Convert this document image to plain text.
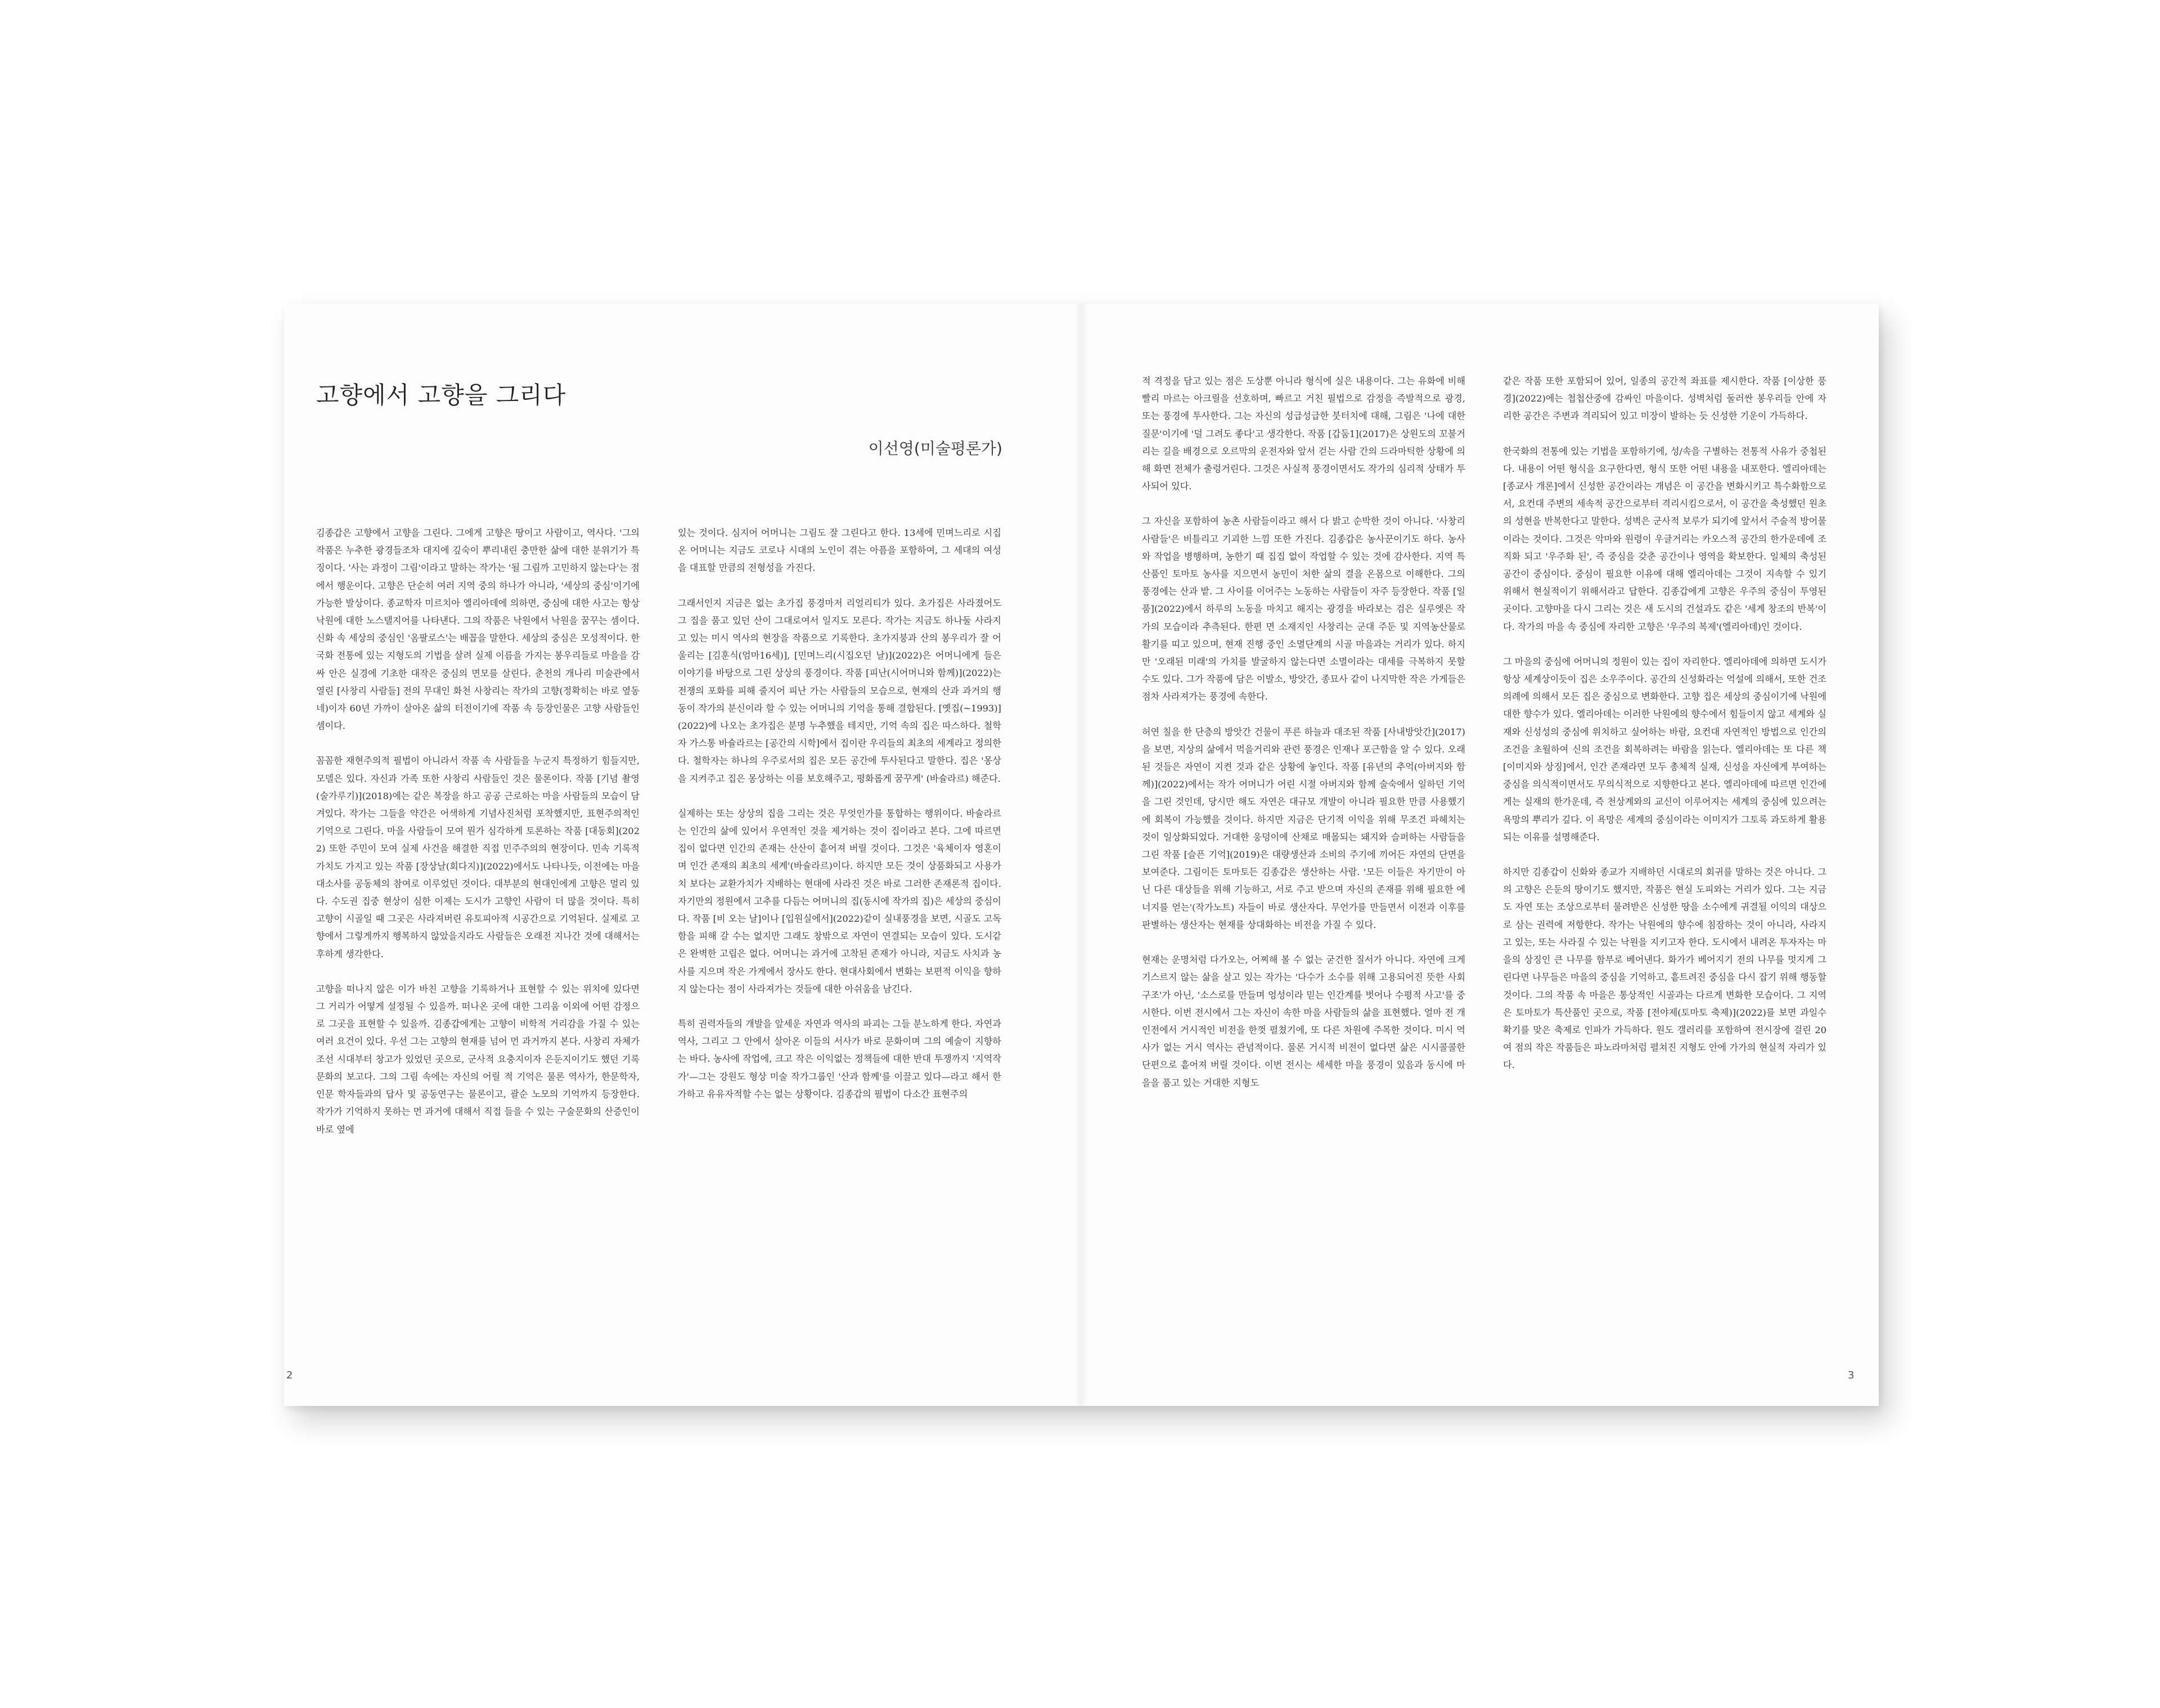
고향에서 고향을 그리다
이선영(미술평론가)

김종갑은 고향에서 고향을 그린다. 그에게 고향은 땅이고 사람이고, 역사다. '그의 작품은 누추한 광경들조차 대지에 깊숙이 뿌리내린 충만한 삶에 대한 분위기가 특징이다. '사는 과정이 그림'이라고 말하는 작가는 '될 그림까 고민하지 않는다'는 점에서 행운이다. 고향은 단순히 여러 지역 중의 하나가 아니라, '세상의 중심'이기에 가능한 발상이다. 종교학자 미르치아 엘리아데에 의하면, 중심에 대한 사고는 항상 낙원에 대한 노스탤지어를 나타낸다. 그의 작품은 낙원에서 낙원을 꿈꾸는 셈이다. 신화 속 세상의 중심인 '옴팔로스'는 배꼽을 말한다. 세상의 중심은 모성적이다. 한국화 전통에 있는 지형도의 기법을 살려 실제 이름을 가지는 봉우리들로 마을을 감싸 안은 실경에 기초한 대작은 중심의 면모를 살린다. 춘천의 개나리 미술관에서 열린 [사창리 사람들] 전의 무대인 화천 사창리는 작가의 고향(정확히는 바로 옆동네)이자 60년 가까이 살아온 삶의 터전이기에 작품 속 등장인물은 고향 사람들인 셈이다.

꼼꼼한 재현주의적 필법이 아니라서 작품 속 사람들을 누군지 특정하기 힘들지만, 모델은 있다. 자신과 가족 또한 사창리 사람들인 것은 물론이다. 작품 [기념 촬영(술가루기)](2018)에는 같은 복장을 하고 공공 근로하는 마을 사람들의 모습이 담겨있다. 작가는 그들을 약간은 어색하게 기념사진처럼 포착했지만, 표현주의적인 기억으로 그린다. 마을 사람들이 모여 뭔가 심각하게 토론하는 작품 [대동회](2022) 또한 주민이 모여 실제 사건을 해결한 직접 민주주의의 현장이다. 민속 기록적 가치도 가지고 있는 작품 [장상날(회다지)](2022)에서도 나타나듯, 이전에는 마을 대소사를 공동체의 참여로 이루었던 것이다. 대부분의 현대인에게 고향은 멀리 있다. 수도권 집중 현상이 심한 이제는 도시가 고향인 사람이 더 많을 것이다. 특히 고향이 시골일 때 그곳은 사라져버린 유토피아적 시공간으로 기억된다. 실제로 고향에서 그렇게까지 행복하지 않았을지라도 사람들은 오래전 지나간 것에 대해서는 후하게 생각한다.

고향을 떠나지 않은 이가 바친 고향을 기록하거나 표현할 수 있는 위치에 있다면 그 거리가 어떻게 설정될 수 있을까. 떠나온 곳에 대한 그리움 이외에 어떤 감정으로 그곳을 표현할 수 있을까. 김종갑에게는 고향이 비학적 거리감을 가질 수 있는 여러 요건이 있다. 우선 그는 고향의 현재를 넘어 먼 과거까지 본다. 사창리 자체가 조선 시대부터 창고가 있었던 곳으로, 군사적 요충지이자 은둔지이기도 했던 기록문화의 보고다. 그의 그림 속에는 자신의 어릴 적 기억은 물론 역사가, 한문학자, 인문 학자들과의 답사 및 공동연구는 물론이고, 괄순 노모의 기억까지 등장한다. 작가가 기억하지 못하는 먼 과거에 대해서 직접 들을 수 있는 구술문화의 산증인이 바로 옆에

있는 것이다. 심지어 어머니는 그림도 잘 그린다고 한다. 13세에 민며느리로 시집온 어머니는 지금도 코로나 시대의 노인이 겪는 아픔을 포함하여, 그 세대의 여성을 대표할 만큼의 전형성을 가진다.

그래서인지 지금은 없는 초가집 풍경마저 리얼리티가 있다. 초가집은 사라졌어도 그 집을 품고 있던 산이 그대로여서 일지도 모른다. 작가는 지금도 하나둘 사라지고 있는 미시 역사의 현장을 작품으로 기록한다. 초가지붕과 산의 봉우리가 잘 어울리는 [김훈식(엄마16세)], [민며느리(시집오던 날)](2022)은 어머니에게 들은 이야기를 바탕으로 그린 상상의 풍경이다. 작품 [피난(시어머니와 함께)](2022)는 전쟁의 포화를 피해 줄지어 피난 가는 사람들의 모습으로, 현재의 산과 과거의 행동이 작가의 분신이라 할 수 있는 어머니의 기억을 통해 결합된다. [옛집(~1993)](2022)에 나오는 초가집은 분명 누추했을 테지만, 기억 속의 집은 따스하다. 철학자 가스통 바슐라르는 [공간의 시학]에서 집이란 우리들의 최초의 세계라고 정의한다. 철학자는 하나의 우주로서의 집은 모든 공간에 투사된다고 말한다. 집은 '몽상을 지켜주고 집은 몽상하는 이를 보호해주고, 평화롭게 꿈꾸게' (바슐라르) 해준다.

실제하는 또는 상상의 집을 그리는 것은 무엇인가를 통합하는 행위이다. 바슐라르는 인간의 삶에 있어서 우연적인 것을 제거하는 것이 집이라고 본다. 그에 따르면 집이 없다면 인간의 존재는 산산이 흩어져 버릴 것이다. 그것은 '육체이자 영혼이며 인간 존재의 최초의 세계'(바슐라르)이다. 하지만 모든 것이 상품화되고 사용가치 보다는 교환가치가 지배하는 현대에 사라진 것은 바로 그러한 존재론적 집이다. 자기만의 정원에서 고추를 다듬는 어머니의 집(동시에 작가의 집)은 세상의 중심이다. 작품 [비 오는 날]이나 [입원실에서](2022)같이 실내풍경을 보면, 시골도 고독함을 피해 갈 수는 없지만 그래도 창밖으로 자연이 연결되는 모습이 있다. 도시같은 완벽한 고립은 없다. 어머니는 과거에 고착된 존재가 아니라, 지금도 사치과 농사를 지으며 작은 가게에서 장사도 한다. 현대사회에서 변화는 보편적 이익을 향하지 않는다는 점이 사라져가는 것들에 대한 아쉬움을 남긴다.

특히 권력자들의 개발을 앞세운 자연과 역사의 파괴는 그들 분노하게 한다. 자연과 역사, 그리고 그 안에서 살아온 이들의 서사가 바로 문화이며 그의 예술이 지향하는 바다. 농사에 작업에, 크고 작은 이익없는 정책들에 대한 반대 투쟁까지 '지역작가'—그는 강원도 형상 미술 작가그룹인 '산과 함께'를 이끌고 있다—라고 해서 한가하고 유유자적할 수는 없는 상황이다. 김종갑의 필법이 다소간 표현주의

2

적 격정을 담고 있는 점은 도상뿐 아니라 형식에 실은 내용이다. 그는 유화에 비해 빨리 마르는 아크릴을 선호하며, 빠르고 거친 필법으로 감정을 즉발적으로 광경, 또는 풍경에 투사한다. 그는 자신의 성급성급한 붓터치에 대해, 그림은 '나에 대한 질문'이기에 '덜 그려도 좋다'고 생각한다. 작품 [갑둠1](2017)은 상원도의 꼬불거리는 길을 배경으로 오르막의 운전자와 앞서 걷는 사람 간의 드라마틱한 상황에 의해 화면 전체가 출렁거린다. 그것은 사실적 풍경이면서도 작가의 심리적 상태가 투사되어 있다.

그 자신을 포함하여 농촌 사람들이라고 해서 다 밝고 순박한 것이 아니다. '사창리 사람들'은 비틀리고 기괴한 느낌 또한 가진다. 김종갑은 농사꾼이기도 하다. 농사와 작업을 병행하며, 농한기 때 집집 없이 작업할 수 있는 것에 감사한다. 지역 특산품인 토마토 농사를 지으면서 농민이 처한 삶의 결을 온몸으로 이해한다. 그의 풍경에는 산과 밭. 그 사이를 이어주는 노동하는 사람들이 자주 등장한다. 작품 [일품](2022)에서 하루의 노동을 마치고 해지는 광경을 바라보는 검은 실루엣은 작가의 모습이라 추측된다. 한편 면 소재지인 사창리는 군대 주둔 및 지역농산물로 활기를 띠고 있으며, 현재 진행 중인 소멸단계의 시골 마을과는 거리가 있다. 하지만 '오래된 미래'의 가치를 발굴하지 않는다면 소멸이라는 대세를 극복하지 못할 수도 있다. 그가 작품에 담은 이발소, 방앗간, 종묘사 같이 나지막한 작은 가게들은 점차 사라져가는 풍경에 속한다.

허연 칠을 한 단층의 방앗간 건물이 푸른 하늘과 대조된 작품 [사내방앗간](2017)을 보면, 지상의 삶에서 먹을거리와 관련 풍경은 인재나 포근함을 알 수 있다. 오래된 것들은 자연이 지켠 것과 같은 상황에 놓인다. 작품 [유년의 추억(아버지와 함께)](2022)에서는 작가 어머니가 어린 시절 아버지와 함께 술숙에서 일하던 기억을 그린 것인데, 당시만 해도 자연은 대규모 개발이 아니라 필요한 만큼 사용했기에 회복이 가능했을 것이다. 하지만 지금은 단기적 이익을 위해 무조건 파헤치는 것이 일상화되었다. 거대한 웅덩이에 산채로 매몰되는 돼지와 슬퍼하는 사람들을 그린 작품 [슬픈 기억](2019)은 대량생산과 소비의 주기에 끼어든 자연의 단면을 보여준다. 그림이든 토마토든 김종갑은 생산하는 사람. '모든 이들은 자기만이 아닌 다른 대상들을 위해 기능하고, 서로 주고 받으며 자신의 존재를 위해 필요한 에너지를 얻는'(작가노트) 자들이 바로 생산자다. 무언가를 만들면서 이전과 이후를 판별하는 생산자는 현재를 상대화하는 비전을 가질 수 있다.

현재는 운명처럼 다가오는, 어찌해 볼 수 없는 굳건한 질서가 아니다. 자연에 크게 기스르지 않는 삶을 살고 있는 작가는 '다수가 소수를 위해 고용되어진 뜻한 사회구조'가 아닌, '소스로를 만들며 엉성이라 믿는 인간계를 벗어나 수평적 사고'를 중시한다. 이번 전시에서 그는 자신이 속한 마을 사람들의 삶을 표현했다. 얼마 전 개인전에서 거시적인 비전을 한껏 펼쳤기에, 또 다른 차원에 주목한 것이다. 미시 역사가 없는 거시 역사는 관념적이다. 물론 거시적 비전이 없다면 삶은 시시콜콜한 단편으로 흩어져 버릴 것이다. 이번 전시는 세세한 마을 풍경이 있음과 동시에 마을을 품고 있는 거대한 지형도

같은 작품 또한 포함되어 있어, 일종의 공간적 좌표를 제시한다. 작품 [이상한 풍경](2022)에는 첩첩산중에 감싸인 마을이다. 성벽처럼 둘러싼 봉우리들 안에 자리한 공간은 주변과 격리되어 있고 미장이 발하는 듯 신성한 기운이 가득하다.

한국화의 전통에 있는 기법을 포함하기에, 성/속을 구별하는 전통적 사유가 중첩된다. 내용이 어떤 형식을 요구한다면, 형식 또한 어떤 내용을 내포한다. 엘리아데는 [종교사 개론]에서 신성한 공간이라는 개념은 이 공간을 변화시키고 특수화함으로서, 요컨대 주변의 세속적 공간으로부터 격리시킴으로서, 이 공간을 축성했던 원초의 성현을 반복한다고 말한다. 성벽은 군사적 보루가 되기에 앞서서 주술적 방어물이라는 것이다. 그것은 악마와 원령이 우글거리는 카오스적 공간의 한가운데에 조직화 되고 '우주화 된', 즉 중심을 갖춘 공간이나 영역을 확보한다. 일체의 축성된 공간이 중심이다. 중심이 필요한 이유에 대해 엘리아데는 그것이 지속할 수 있기 위해서 현실적이기 위해서라고 답한다. 김종갑에게 고향은 우주의 중심이 투영된 곳이다. 고향마을 다시 그리는 것은 새 도시의 건설과도 같은 '세계 창조의 반복'이다. 작가의 마을 속 중심에 자리한 고향은 '우주의 복제'(엘리아데)인 것이다.

그 마을의 중심에 어머니의 정원이 있는 집이 자리한다. 엘리아데에 의하면 도시가 항상 세계상이듯이 집은 소우주이다. 공간의 신성화라는 억설에 의해서, 또한 건조 의례에 의해서 모든 집은 중심으로 변화한다. 고향 집은 세상의 중심이기에 낙원에 대한 향수가 있다. 엘리아데는 이러한 낙원에의 향수에서 힘들이지 않고 세계와 실재와 신성성의 중심에 위치하고 싶어하는 바람, 요컨대 자연적인 방법으로 인간의 조건을 초월하여 신의 조건을 회복하려는 바람을 읽는다. 엘리아데는 또 다른 책 [이미지와 상징]에서, 인간 존재라면 모두 총체적 실재, 신성을 자신에게 부여하는 중심을 의식적이면서도 무의식적으로 지향한다고 본다. 엘리아데에 따르면 인간에게는 실재의 한가운데, 즉 천상계와의 교신이 이루어지는 세계의 중심에 있으려는 욕망의 뿌리가 깊다. 이 욕망은 세계의 중심이라는 이미지가 그토록 과도하게 활용되는 이유를 설명해준다.

하지만 김종갑이 신화와 종교가 지배하던 시대로의 회귀를 말하는 것은 아니다. 그의 고향은 은둔의 땅이기도 했지만, 작품은 현실 도피와는 거리가 있다. 그는 지금도 자연 또는 조상으로부터 물려받은 신성한 땅을 소수에게 귀결될 이익의 대상으로 삼는 권력에 저항한다. 작가는 낙원에의 향수에 침잠하는 것이 아니라, 사라지고 있는, 또는 사라질 수 있는 낙원을 지키고자 한다. 도시에서 내려온 투자자는 마을의 상징인 큰 나무를 함부로 베어낸다. 화가가 베어지기 전의 나무를 멋지게 그린다면 나무들은 마을의 중심을 기억하고, 흩트려진 중심을 다시 잡기 위해 행동할 것이다. 그의 작품 속 마을은 통상적인 시골과는 다르게 변화한 모습이다. 그 지역은 토마토가 특산품인 곳으로, 작품 [전야제(토마토 축제)](2022)를 보면 과일수확기를 맞은 축제로 인파가 가득하다. 원도 갤러리를 포함하여 전시장에 걸린 20여 점의 작은 작품들은 파노라마처럼 펼쳐진 지형도 안에 가가의 현실적 자리가 있다.

3
